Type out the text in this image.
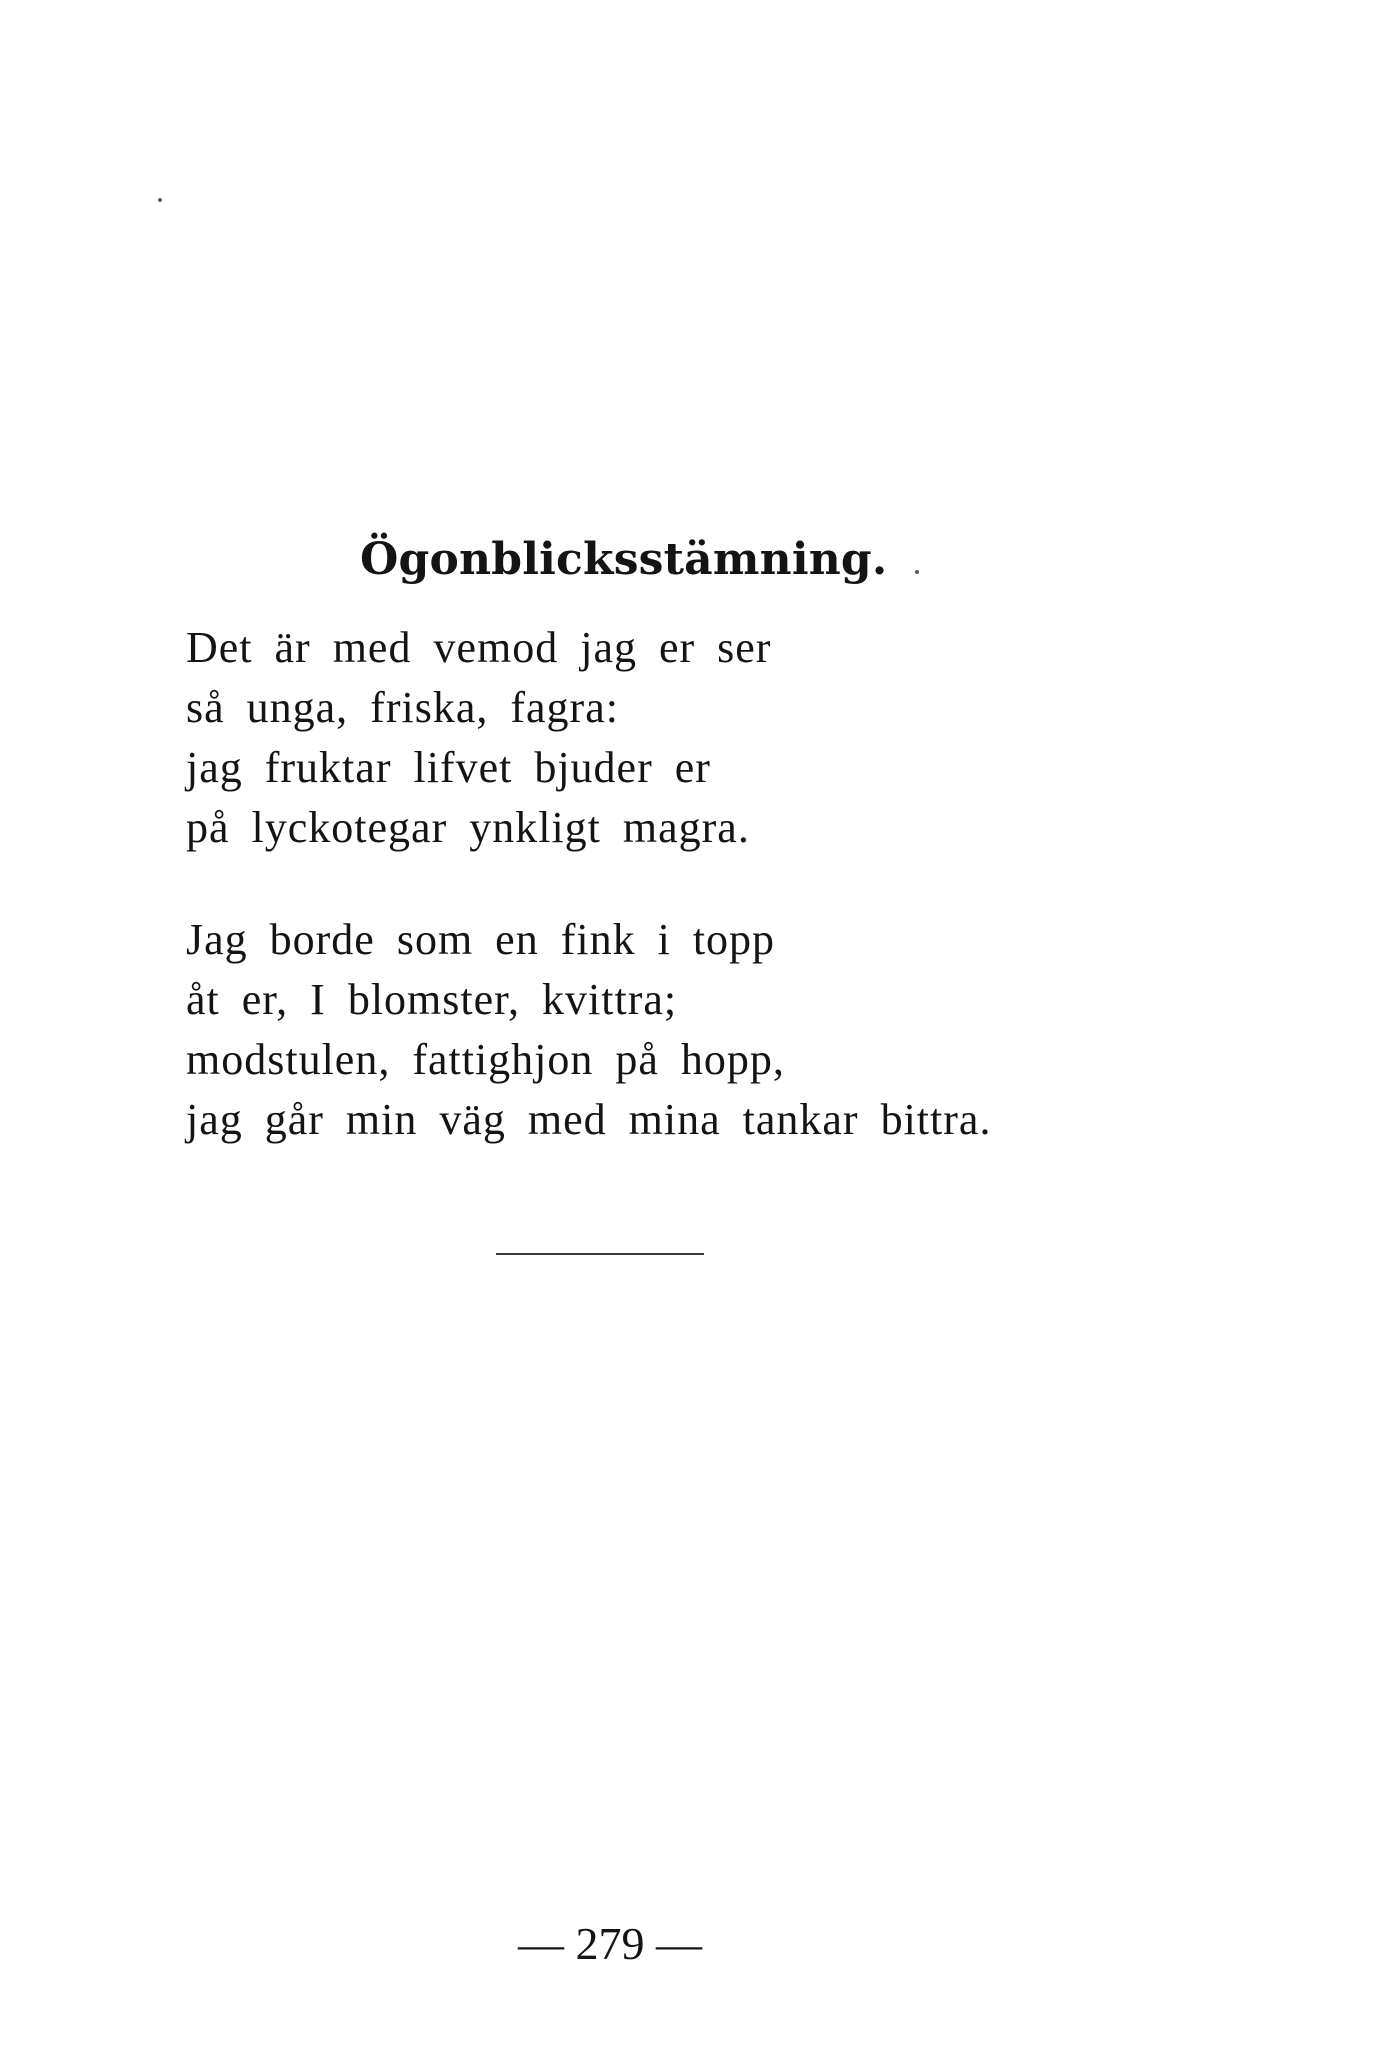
Ögonblicksstämning.
Det är med vemod jag er ser
så unga, friska, fagra:
jag fruktar lifvet bjuder er
på lyckotegar ynkligt magra.
Jag borde som en fink i topp
åt er, I blomster, kvittra;
modstulen, fattighjon på hopp,
jag går min väg med mina tankar bittra.
— 279 —
